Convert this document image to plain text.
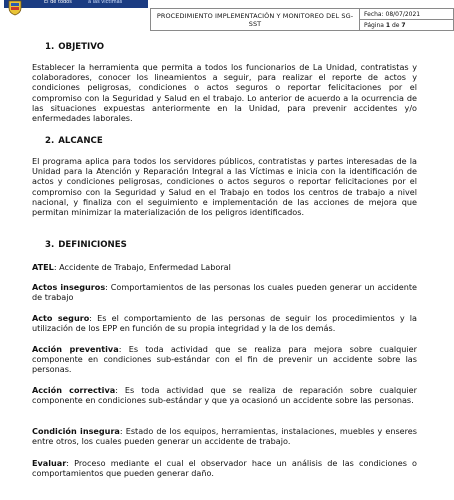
El de todos	a las víctimas
PROCEDIMIENTO IMPLEMENTACIÓN Y MONITOREO DEL SG-SST	Fecha: 08/07/2021
Página 1 de 7
1. OBJETIVO
Establecer la herramienta que permita a todos los funcionarios de La Unidad, contratistas y colaboradores, conocer los lineamientos a seguir, para realizar el reporte de actos y condiciones peligrosas, condiciones o actos seguros o reportar felicitaciones por el compromiso con la Seguridad y Salud en el trabajo. Lo anterior de acuerdo a la ocurrencia de las situaciones expuestas anteriormente en la Unidad, para prevenir accidentes y/o enfermedades laborales.
2. ALCANCE
El programa aplica para todos los servidores públicos, contratistas y partes interesadas de la Unidad para la Atención y Reparación Integral a las Víctimas e inicia con la identificación de actos y condiciones peligrosas, condiciones o actos seguros o reportar felicitaciones por el compromiso con la Seguridad y Salud en el Trabajo en todos los centros de trabajo a nivel nacional, y finaliza con el seguimiento e implementación de las acciones de mejora que permitan minimizar la materialización de los peligros identificados.
3. DEFINICIONES
ATEL: Accidente de Trabajo, Enfermedad Laboral
Actos inseguros: Comportamientos de las personas los cuales pueden generar un accidente de trabajo
Acto seguro: Es el comportamiento de las personas de seguir los procedimientos y la utilización de los EPP en función de su propia integridad y la de los demás.
Acción preventiva: Es toda actividad que se realiza para mejora sobre cualquier componente en condiciones sub-estándar con el fin de prevenir un accidente sobre las personas.
Acción correctiva: Es toda actividad que se realiza de reparación sobre cualquier componente en condiciones sub-estándar y que ya ocasionó un accidente sobre las personas.
Condición insegura: Estado de los equipos, herramientas, instalaciones, muebles y enseres entre otros, los cuales pueden generar un accidente de trabajo.
Evaluar: Proceso mediante el cual el observador hace un análisis de las condiciones o comportamientos que pueden generar daño.
